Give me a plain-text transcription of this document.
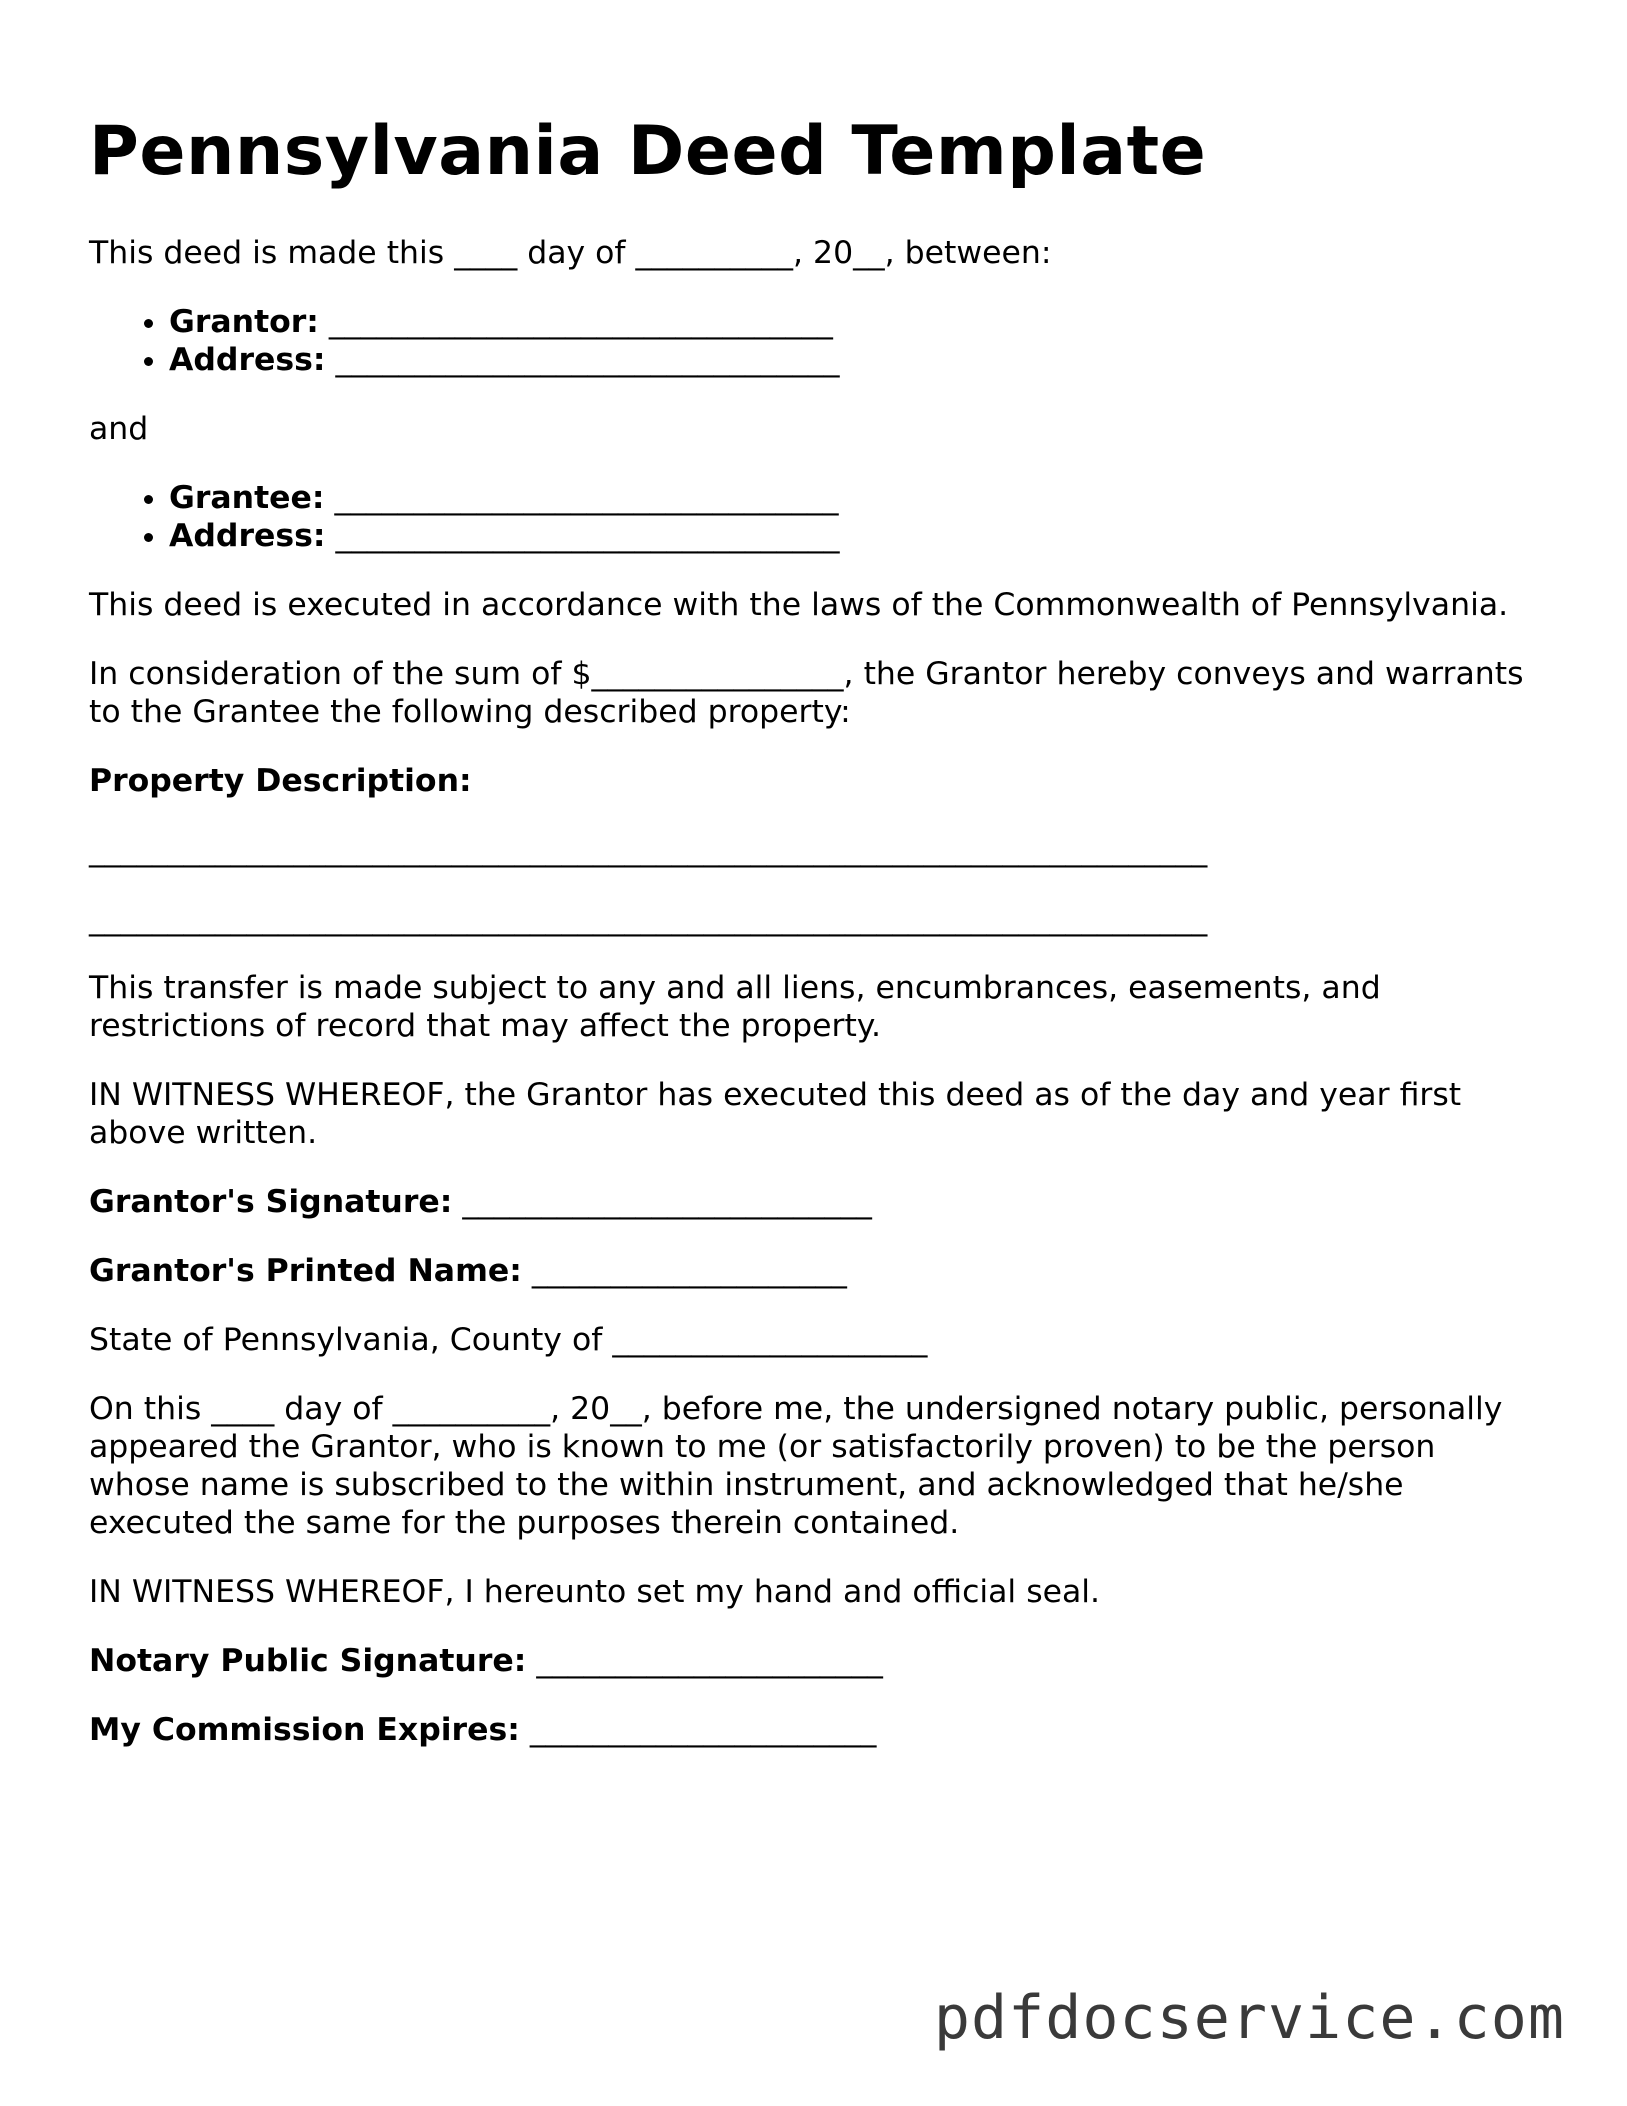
Pennsylvania Deed Template

This deed is made this ____ day of __________, 20__, between:

• Grantor: ________________________________
• Address: ________________________________

and

• Grantee: ________________________________
• Address: ________________________________

This deed is executed in accordance with the laws of the Commonwealth of Pennsylvania.

In consideration of the sum of $________________, the Grantor hereby conveys and warrants to the Grantee the following described property:

Property Description:

_______________________________________________________________________
_______________________________________________________________________

This transfer is made subject to any and all liens, encumbrances, easements, and restrictions of record that may affect the property.

IN WITNESS WHEREOF, the Grantor has executed this deed as of the day and year first above written.

Grantor's Signature: __________________________

Grantor's Printed Name: ____________________

State of Pennsylvania, County of ____________________

On this ____ day of __________, 20__, before me, the undersigned notary public, personally appeared the Grantor, who is known to me (or satisfactorily proven) to be the person whose name is subscribed to the within instrument, and acknowledged that he/she executed the same for the purposes therein contained.

IN WITNESS WHEREOF, I hereunto set my hand and official seal.

Notary Public Signature: ______________________

My Commission Expires: ______________________

pdfdocservice.com
